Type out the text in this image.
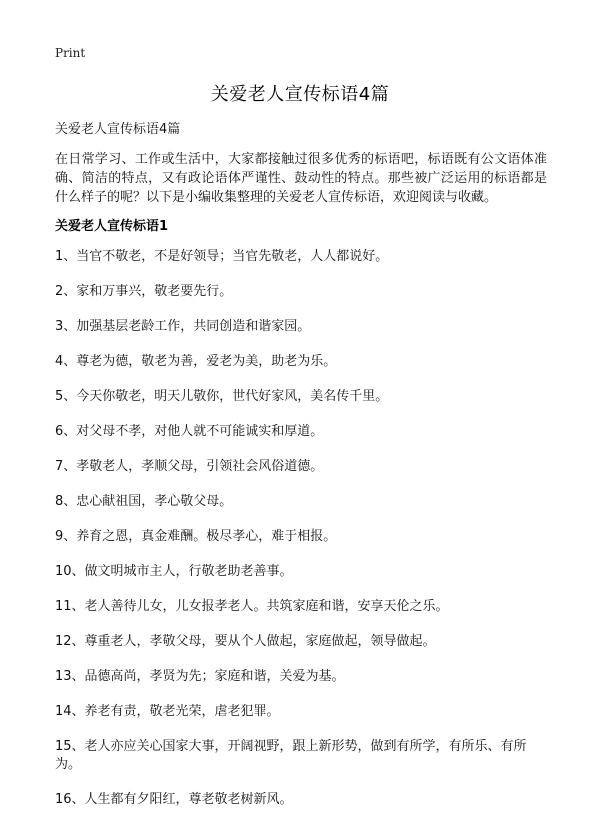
Print
关爱老人宣传标语4篇
关爱老人宣传标语4篇

在日常学习、工作或生活中，大家都接触过很多优秀的标语吧，标语既有公文语体准确、简洁的特点，又有政论语体严谨性、鼓动性的特点。那些被广泛运用的标语都是什么样子的呢？以下是小编收集整理的关爱老人宣传标语，欢迎阅读与收藏。

关爱老人宣传标语1
1、当官不敬老，不是好领导；当官先敬老，人人都说好。
2、家和万事兴，敬老要先行。
3、加强基层老龄工作，共同创造和谐家园。
4、尊老为德，敬老为善，爱老为美，助老为乐。
5、今天你敬老，明天儿敬你，世代好家风，美名传千里。
6、对父母不孝，对他人就不可能诚实和厚道。
7、孝敬老人，孝顺父母，引领社会风俗道德。
8、忠心献祖国，孝心敬父母。
9、养育之恩，真金难酬。极尽孝心，难于相报。
10、做文明城市主人，行敬老助老善事。
11、老人善待儿女，儿女报孝老人。共筑家庭和谐，安享天伦之乐。
12、尊重老人，孝敬父母，要从个人做起，家庭做起，领导做起。
13、品德高尚，孝贤为先；家庭和谐，关爱为基。
14、养老有责，敬老光荣，虐老犯罪。
15、老人亦应关心国家大事，开阔视野，跟上新形势，做到有所学，有所乐、有所为。
16、人生都有夕阳红，尊老敬老树新风。
